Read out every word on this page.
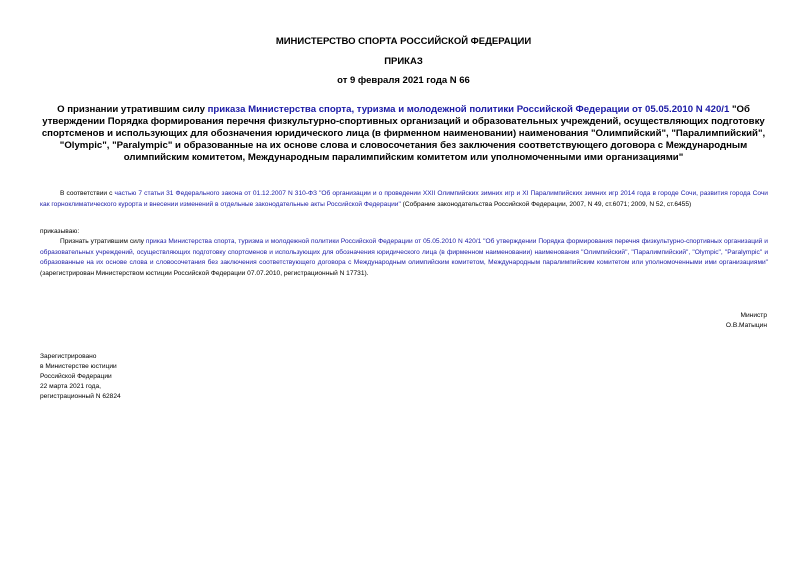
МИНИСТЕРСТВО СПОРТА РОССИЙСКОЙ ФЕДЕРАЦИИ
ПРИКАЗ
от 9 февраля 2021 года N 66
О признании утратившим силу приказа Министерства спорта, туризма и молодежной политики Российской Федерации от 05.05.2010 N 420/1 "Об утверждении Порядка формирования перечня физкультурно-спортивных организаций и образовательных учреждений, осуществляющих подготовку спортсменов и использующих для обозначения юридического лица (в фирменном наименовании) наименования "Олимпийский", "Паралимпийский", "Olympic", "Paralympic" и образованные на их основе слова и словосочетания без заключения соответствующего договора с Международным олимпийским комитетом, Международным паралимпийским комитетом или уполномоченными ими организациями"
В соответствии с частью 7 статьи 31 Федерального закона от 01.12.2007 N 310-ФЗ "Об организации и о проведении XXII Олимпийских зимних игр и XI Паралимпийских зимних игр 2014 года в городе Сочи, развития города Сочи как горноклиматического курорта и внесении изменений в отдельные законодательные акты Российской Федерации" (Собрание законодательства Российской Федерации, 2007, N 49, ст.6071; 2009, N 52, ст.6455)
приказываю:
Признать утратившим силу приказ Министерства спорта, туризма и молодежной политики Российской Федерации от 05.05.2010 N 420/1 "Об утверждении Порядка формирования перечня физкультурно-спортивных организаций и образовательных учреждений, осуществляющих подготовку спортсменов и использующих для обозначения юридического лица (в фирменном наименовании) наименования "Олимпийский", "Паралимпийский", "Olympic", "Paralympic" и образованные на их основе слова и словосочетания без заключения соответствующего договора с Международным олимпийским комитетом, Международным паралимпийским комитетом или уполномоченными ими организациями" (зарегистрирован Министерством юстиции Российской Федерации 07.07.2010, регистрационный N 17731).
Министр
О.В.Матыцин
Зарегистрировано
в Министерстве юстиции
Российской Федерации
22 марта 2021 года,
регистрационный N 62824
